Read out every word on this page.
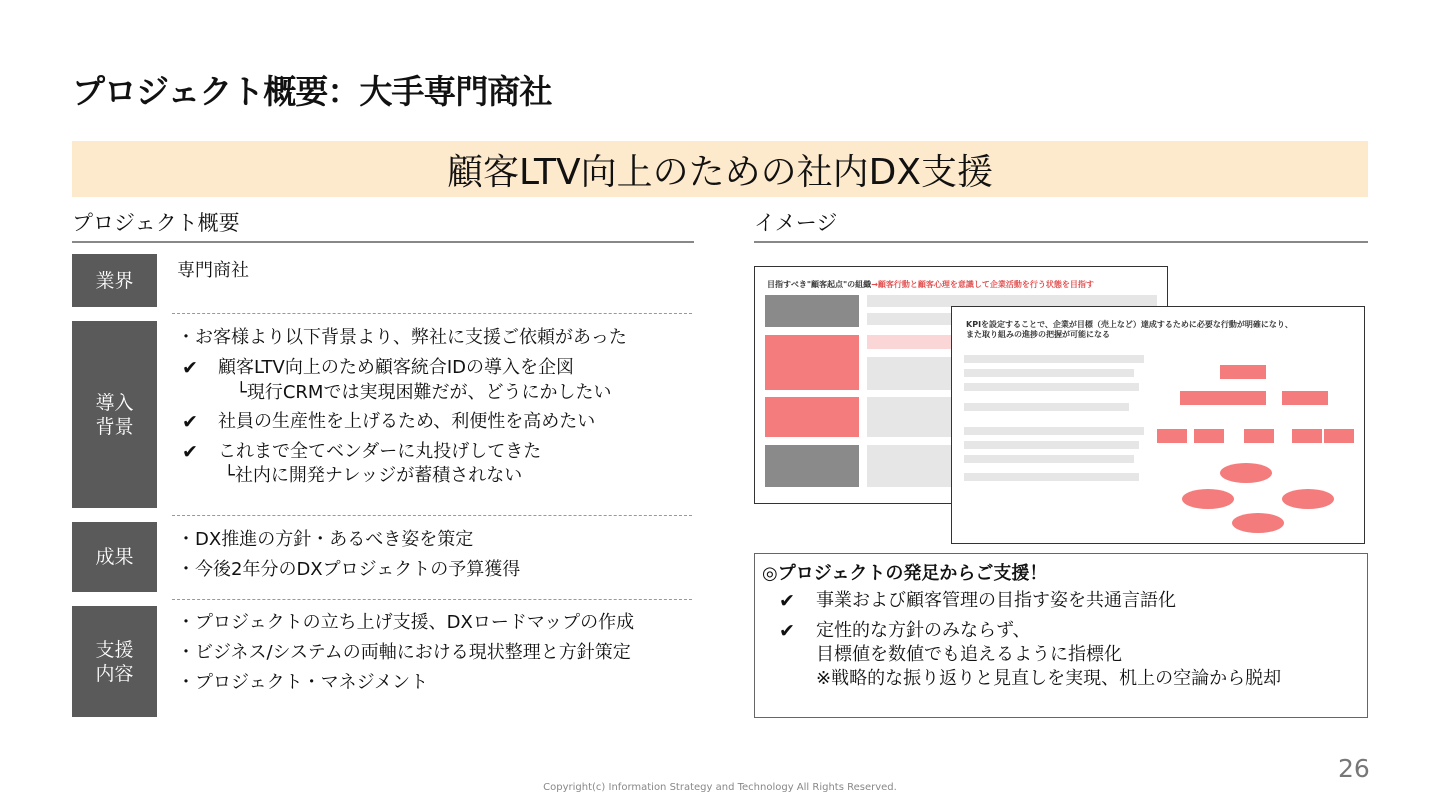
プロジェクト概要：大手専門商社
顧客LTV向上のための社内DX支援
プロジェクト概要	イメージ
業界	専門商社
導入
背景
・お客様より以下背景より、弊社に支援ご依頼があった
✔ 顧客LTV向上のため顧客統合IDの導入を企図
└現行CRMでは実現困難だが、どうにかしたい
✔ 社員の生産性を上げるため、利便性を高めたい
✔ これまで全てベンダーに丸投げしてきた
└社内に開発ナレッジが蓄積されない
成果
・DX推進の方針・あるべき姿を策定
・今後2年分のDXプロジェクトの予算獲得
支援
内容
・プロジェクトの立ち上げ支援、DXロードマップの作成
・ビジネス/システムの両軸における現状整理と方針策定
・プロジェクト・マネジメント
目指すべき"顧客起点"の組織→顧客行動と顧客心理を意識して企業活動を行う状態を目指す
KPIを設定することで、企業が目標（売上など）達成するために必要な行動が明確になり、
また取り組みの進捗の把握が可能になる
◎プロジェクトの発足からご支援！
✔ 事業および顧客管理の目指す姿を共通言語化
✔ 定性的な方針のみならず、
目標値を数値でも追えるように指標化
※戦略的な振り返りと見直しを実現、机上の空論から脱却
26
Copyright(c) Information Strategy and Technology All Rights Reserved.
